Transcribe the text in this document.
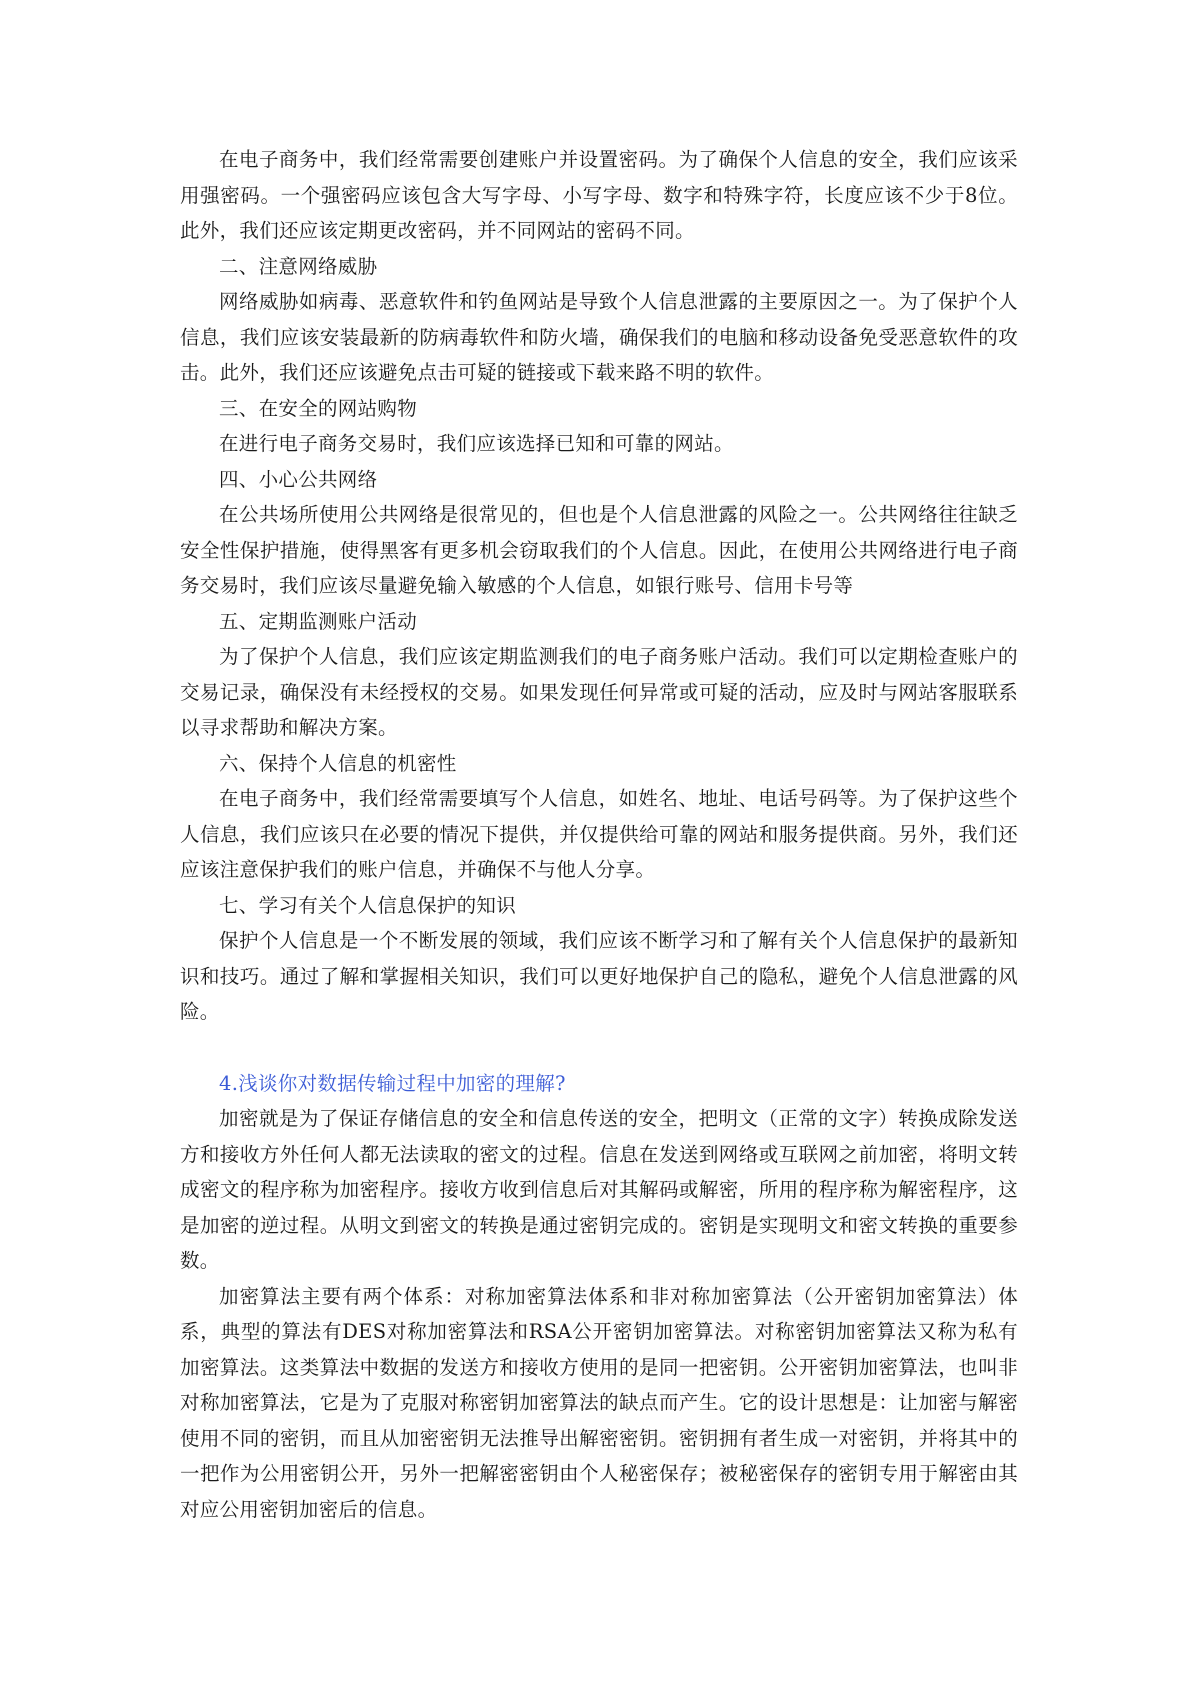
在电子商务中，我们经常需要创建账户并设置密码。为了确保个人信息的安全，我们应该采用强密码。一个强密码应该包含大写字母、小写字母、数字和特殊字符，长度应该不少于8位。此外，我们还应该定期更改密码，并不同网站的密码不同。

二、注意网络威胁

网络威胁如病毒、恶意软件和钓鱼网站是导致个人信息泄露的主要原因之一。为了保护个人信息，我们应该安装最新的防病毒软件和防火墙，确保我们的电脑和移动设备免受恶意软件的攻击。此外，我们还应该避免点击可疑的链接或下载来路不明的软件。

三、在安全的网站购物

在进行电子商务交易时，我们应该选择已知和可靠的网站。

四、小心公共网络

在公共场所使用公共网络是很常见的，但也是个人信息泄露的风险之一。公共网络往往缺乏安全性保护措施，使得黑客有更多机会窃取我们的个人信息。因此，在使用公共网络进行电子商务交易时，我们应该尽量避免输入敏感的个人信息，如银行账号、信用卡号等

五、定期监测账户活动

为了保护个人信息，我们应该定期监测我们的电子商务账户活动。我们可以定期检查账户的交易记录，确保没有未经授权的交易。如果发现任何异常或可疑的活动，应及时与网站客服联系以寻求帮助和解决方案。

六、保持个人信息的机密性

在电子商务中，我们经常需要填写个人信息，如姓名、地址、电话号码等。为了保护这些个人信息，我们应该只在必要的情况下提供，并仅提供给可靠的网站和服务提供商。另外，我们还应该注意保护我们的账户信息，并确保不与他人分享。

七、学习有关个人信息保护的知识

保护个人信息是一个不断发展的领域，我们应该不断学习和了解有关个人信息保护的最新知识和技巧。通过了解和掌握相关知识，我们可以更好地保护自己的隐私，避免个人信息泄露的风险。

4.浅谈你对数据传输过程中加密的理解?

加密就是为了保证存储信息的安全和信息传送的安全，把明文（正常的文字）转换成除发送方和接收方外任何人都无法读取的密文的过程。信息在发送到网络或互联网之前加密，将明文转成密文的程序称为加密程序。接收方收到信息后对其解码或解密，所用的程序称为解密程序，这是加密的逆过程。从明文到密文的转换是通过密钥完成的。密钥是实现明文和密文转换的重要参数。

加密算法主要有两个体系：对称加密算法体系和非对称加密算法（公开密钥加密算法）体系，典型的算法有DES对称加密算法和RSA公开密钥加密算法。对称密钥加密算法又称为私有加密算法。这类算法中数据的发送方和接收方使用的是同一把密钥。公开密钥加密算法，也叫非对称加密算法，它是为了克服对称密钥加密算法的缺点而产生。它的设计思想是：让加密与解密使用不同的密钥，而且从加密密钥无法推导出解密密钥。密钥拥有者生成一对密钥，并将其中的一把作为公用密钥公开，另外一把解密密钥由个人秘密保存；被秘密保存的密钥专用于解密由其对应公用密钥加密后的信息。
